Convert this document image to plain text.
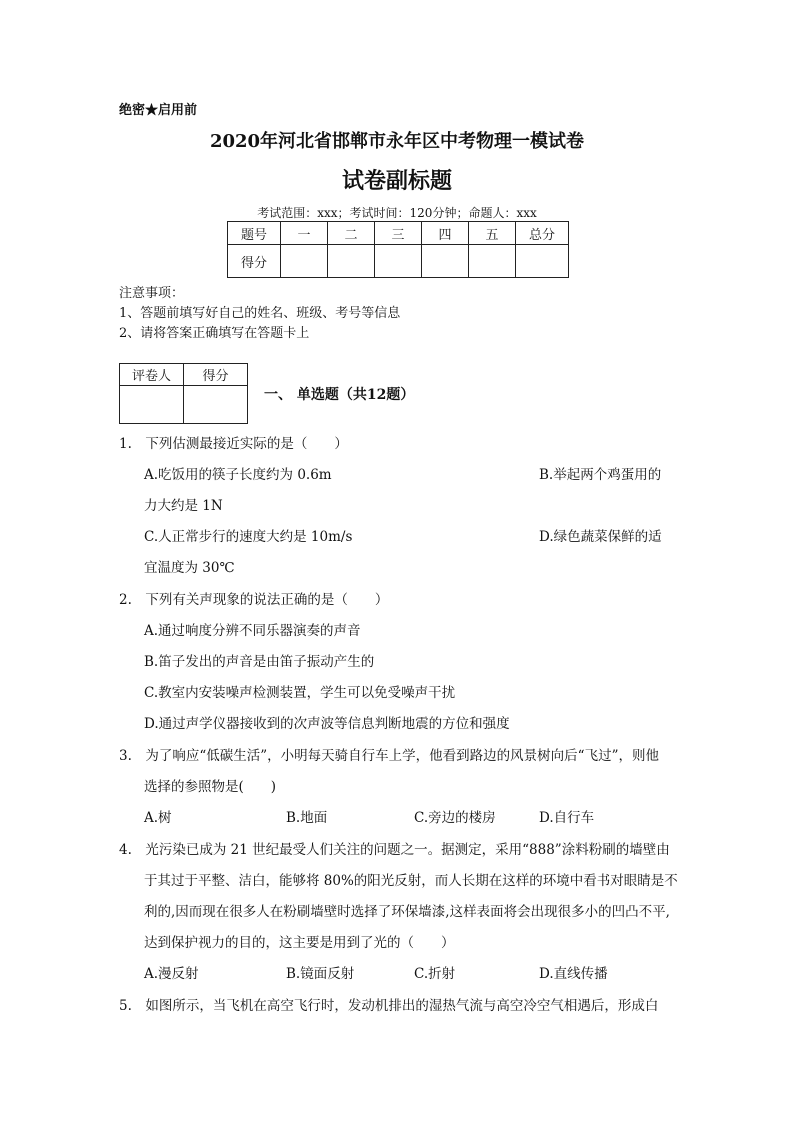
绝密★启用前
2020年河北省邯郸市永年区中考物理一模试卷
试卷副标题
考试范围：xxx；考试时间：120分钟；命题人：xxx
题号	一	二	三	四	五	总分
得分						
注意事项：
1、答题前填写好自己的姓名、班级、考号等信息
2、请将答案正确填写在答题卡上
评卷人	得分

一、 单选题（共12题）
1.　下列估测最接近实际的是（　　）
A.吃饭用的筷子长度约为 0.6m	B.举起两个鸡蛋用的
力大约是 1N
C.人正常步行的速度大约是 10m/s	D.绿色蔬菜保鲜的适
宜温度为 30℃
2.　下列有关声现象的说法正确的是（　　）
A.通过响度分辨不同乐器演奏的声音
B.笛子发出的声音是由笛子振动产生的
C.教室内安装噪声检测装置，学生可以免受噪声干扰
D.通过声学仪器接收到的次声波等信息判断地震的方位和强度
3.　为了响应“低碳生活”，小明每天骑自行车上学，他看到路边的风景树向后“飞过”，则他
选择的参照物是(　　)
A.树	B.地面	C.旁边的楼房	D.自行车
4.　光污染已成为 21 世纪最受人们关注的问题之一。据测定，采用“888”涂料粉刷的墙壁由
于其过于平整、洁白，能够将 80%的阳光反射，而人长期在这样的环境中看书对眼睛是不
利的,因而现在很多人在粉刷墙壁时选择了环保墙漆,这样表面将会出现很多小的凹凸不平,
达到保护视力的目的，这主要是用到了光的（　　）
A.漫反射	B.镜面反射	C.折射	D.直线传播
5.　如图所示，当飞机在高空飞行时，发动机排出的湿热气流与高空冷空气相遇后，形成白
